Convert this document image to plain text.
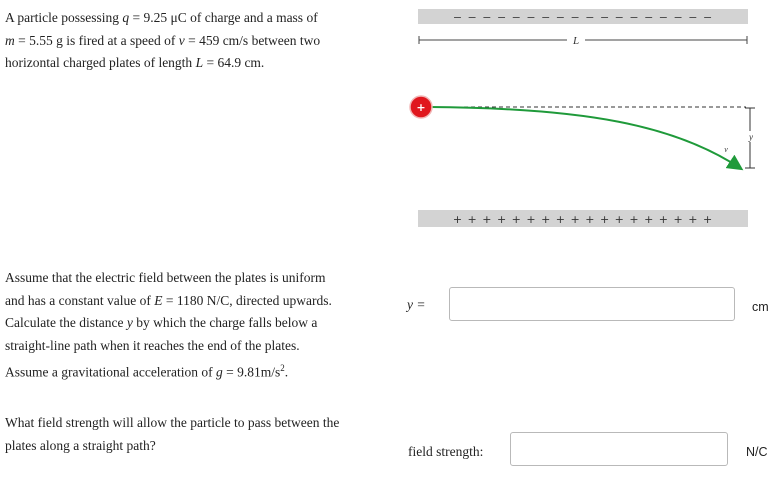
A particle possessing q = 9.25 μC of charge and a mass of
m = 5.55 g is fired at a speed of v = 459 cm/s between two
horizontal charged plates of length L = 64.9 cm.
Assume that the electric field between the plates is uniform
and has a constant value of E = 1180 N/C, directed upwards.
Calculate the distance y by which the charge falls below a
straight-line path when it reaches the end of the plates.
Assume a gravitational acceleration of $g = 9.81m/s^2$.
What field strength will allow the particle to pass between the
plates along a straight path?
y =	cm
field strength:	N/C
− − − − − − − − − − − − − − − − − −
L
y
v
+
+ + + + + + + + + + + + + + + + + +
